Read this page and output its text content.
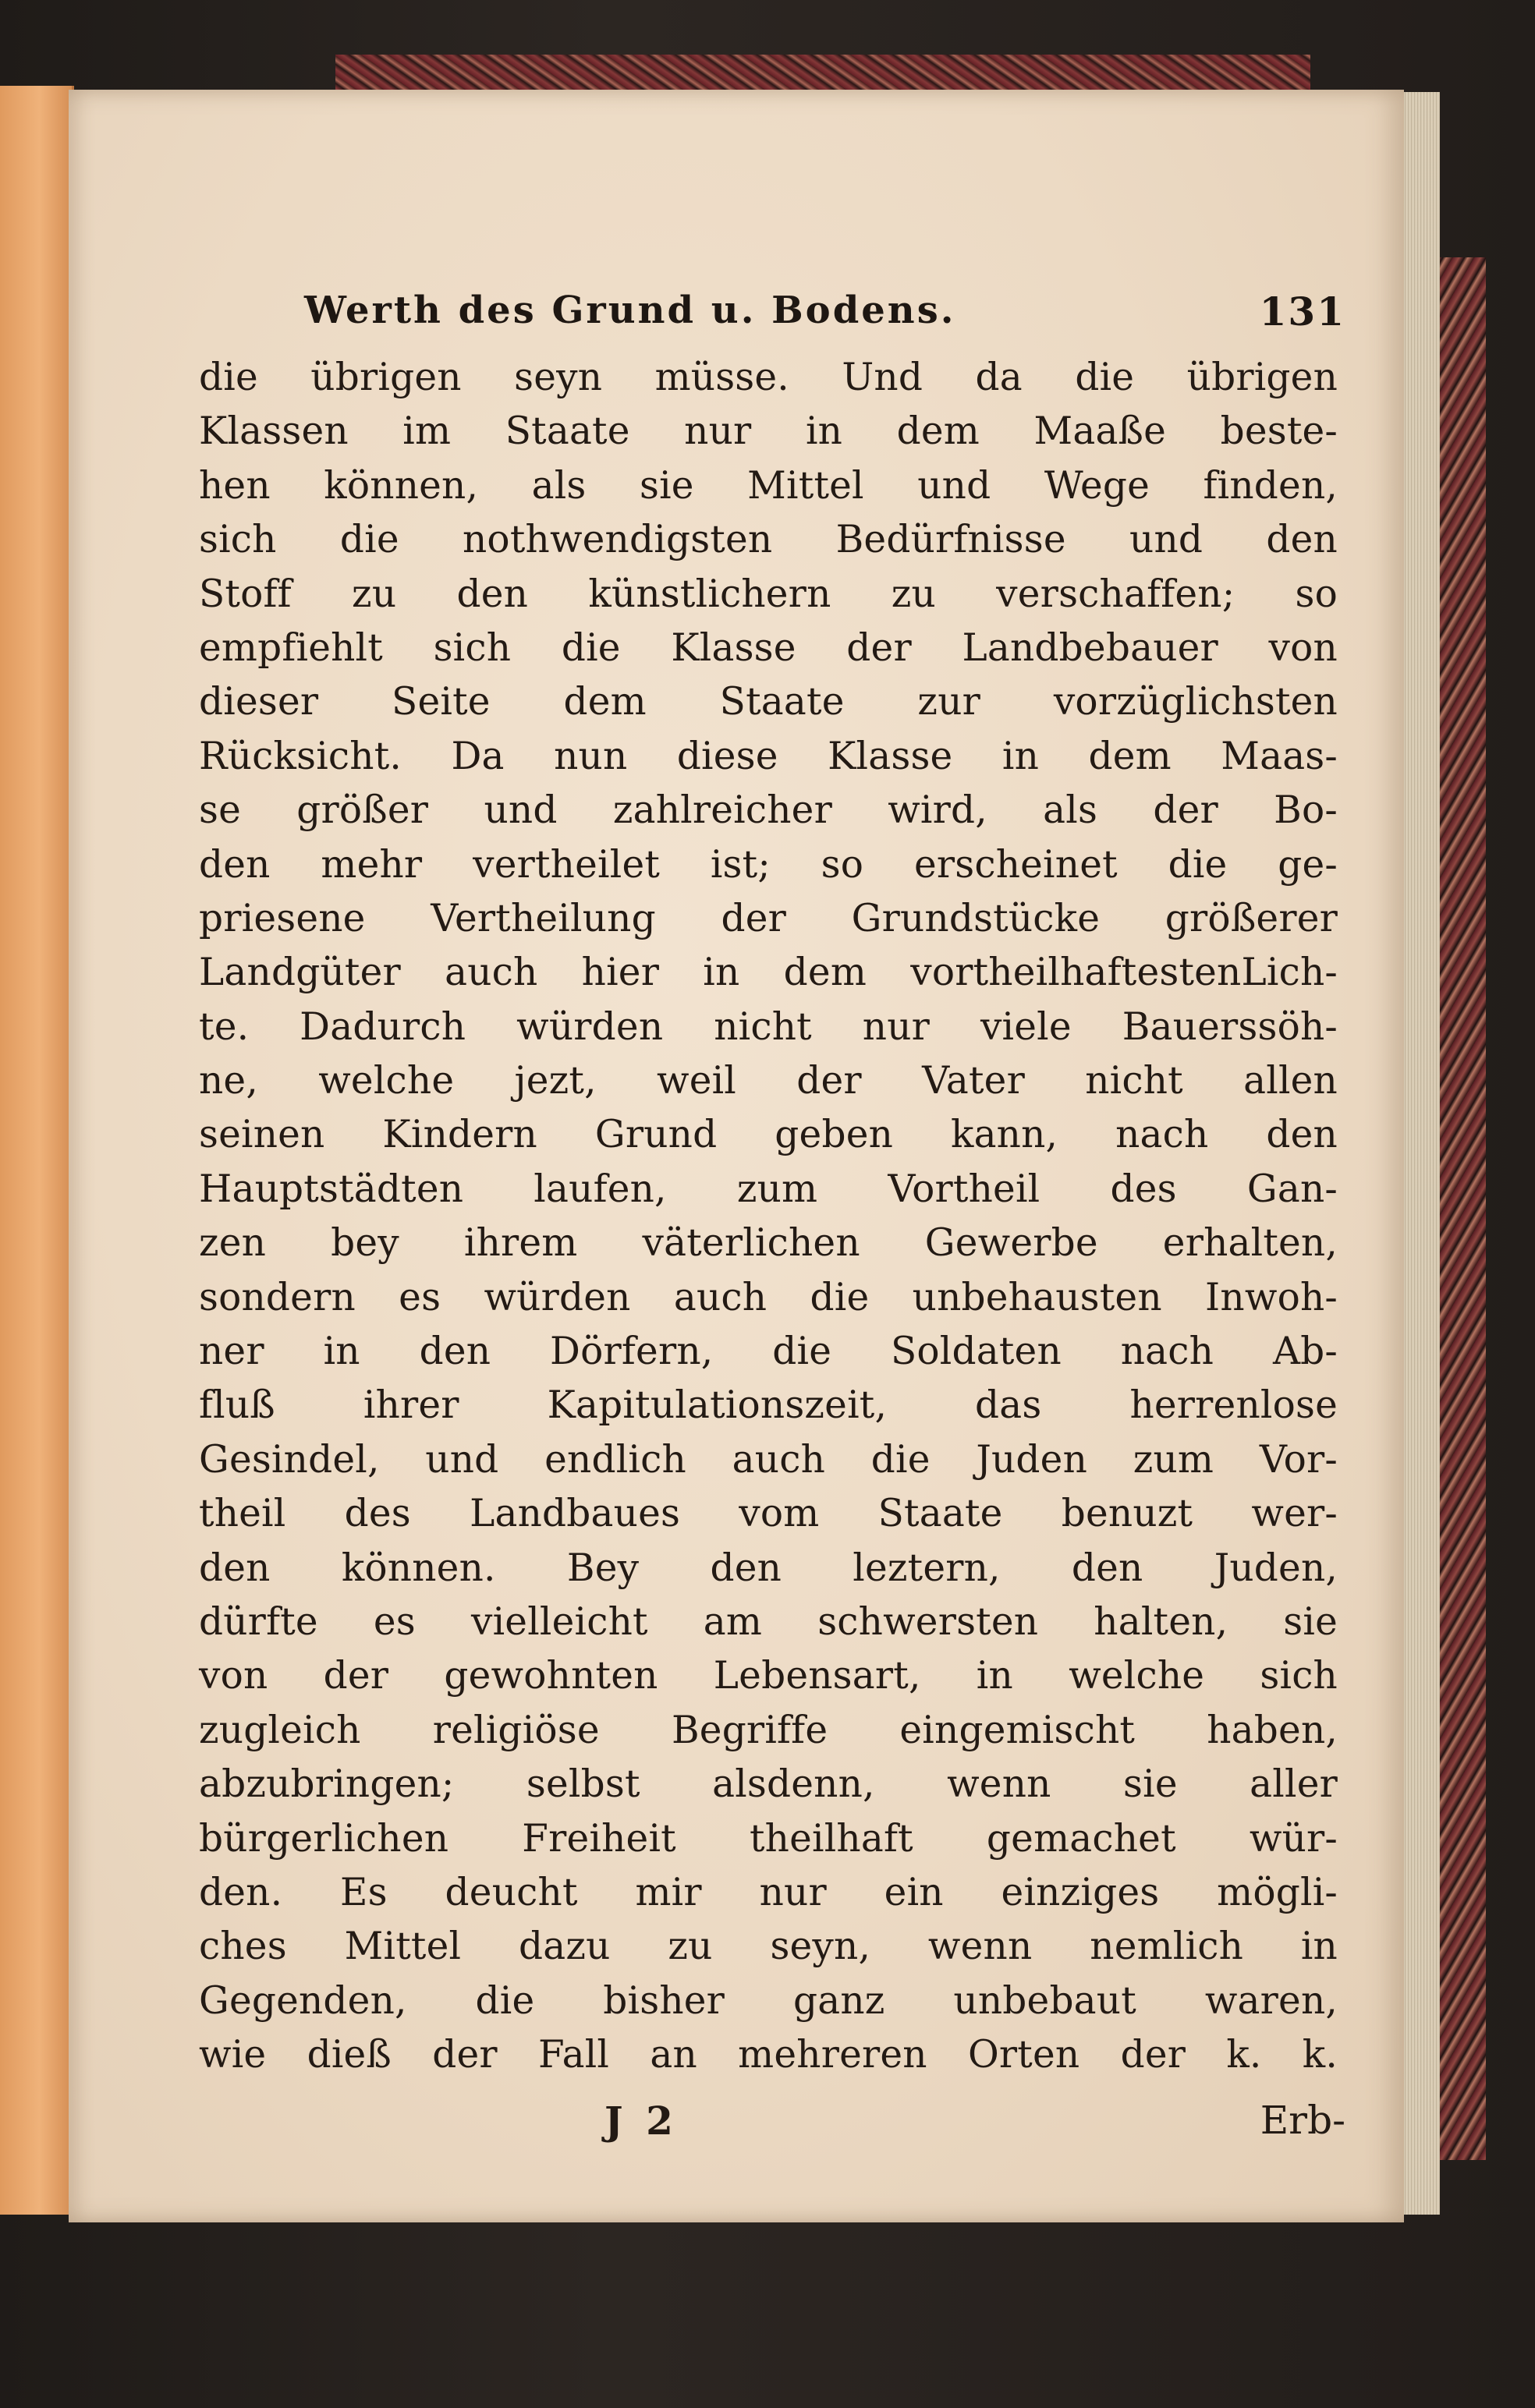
Werth des Grund u. Bodens.	131
die übrigen seyn müsse. Und da die übrigen
Klassen im Staate nur in dem Maaße beste-
hen können, als sie Mittel und Wege finden,
sich die nothwendigsten Bedürfnisse und den
Stoff zu den künstlichern zu verschaffen; so
empfiehlt sich die Klasse der Landbebauer von
dieser Seite dem Staate zur vorzüglichsten
Rücksicht. Da nun diese Klasse in dem Maas-
se größer und zahlreicher wird, als der Bo-
den mehr vertheilet ist; so erscheinet die ge-
priesene Vertheilung der Grundstücke größerer
Landgüter auch hier in dem vortheilhaftestenLich-
te. Dadurch würden nicht nur viele Bauerssöh-
ne, welche jezt, weil der Vater nicht allen
seinen Kindern Grund geben kann, nach den
Hauptstädten laufen, zum Vortheil des Gan-
zen bey ihrem väterlichen Gewerbe erhalten,
sondern es würden auch die unbehausten Inwoh-
ner in den Dörfern, die Soldaten nach Ab-
fluß ihrer Kapitulationszeit, das herrenlose
Gesindel, und endlich auch die Juden zum Vor-
theil des Landbaues vom Staate benuzt wer-
den können. Bey den leztern, den Juden,
dürfte es vielleicht am schwersten halten, sie
von der gewohnten Lebensart, in welche sich
zugleich religiöse Begriffe eingemischt haben,
abzubringen; selbst alsdenn, wenn sie aller
bürgerlichen Freiheit theilhaft gemachet wür-
den. Es deucht mir nur ein einziges mögli-
ches Mittel dazu zu seyn, wenn nemlich in
Gegenden, die bisher ganz unbebaut waren,
wie dieß der Fall an mehreren Orten der k. k.
J 2	Erb-
